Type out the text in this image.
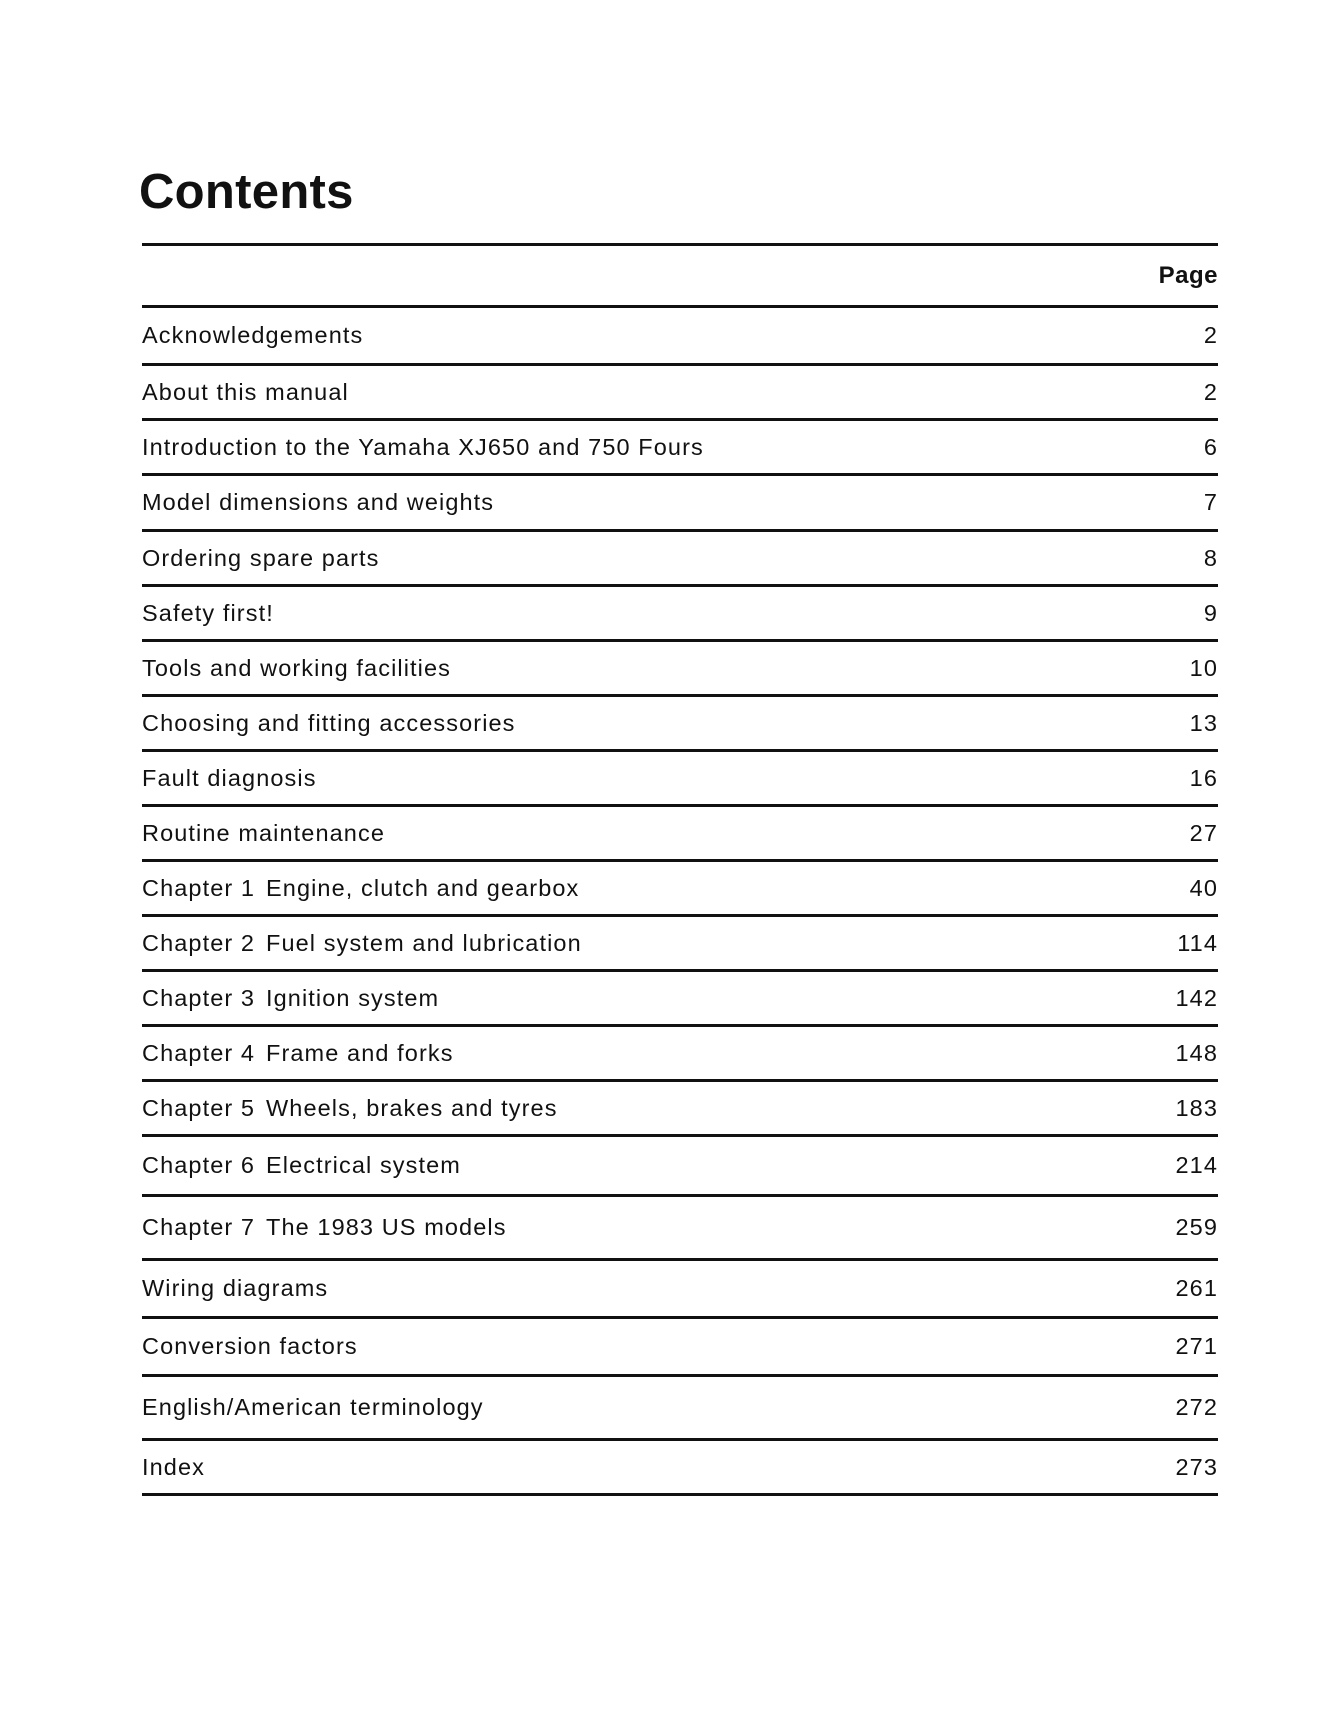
Contents
Page
Acknowledgements	2
About this manual	2
Introduction to the Yamaha XJ650 and 750 Fours	6
Model dimensions and weights	7
Ordering spare parts	8
Safety first!	9
Tools and working facilities	10
Choosing and fitting accessories	13
Fault diagnosis	16
Routine maintenance	27
Chapter 1 Engine, clutch and gearbox	40
Chapter 2 Fuel system and lubrication	114
Chapter 3 Ignition system	142
Chapter 4 Frame and forks	148
Chapter 5 Wheels, brakes and tyres	183
Chapter 6 Electrical system	214
Chapter 7 The 1983 US models	259
Wiring diagrams	261
Conversion factors	271
English/American terminology	272
Index	273
